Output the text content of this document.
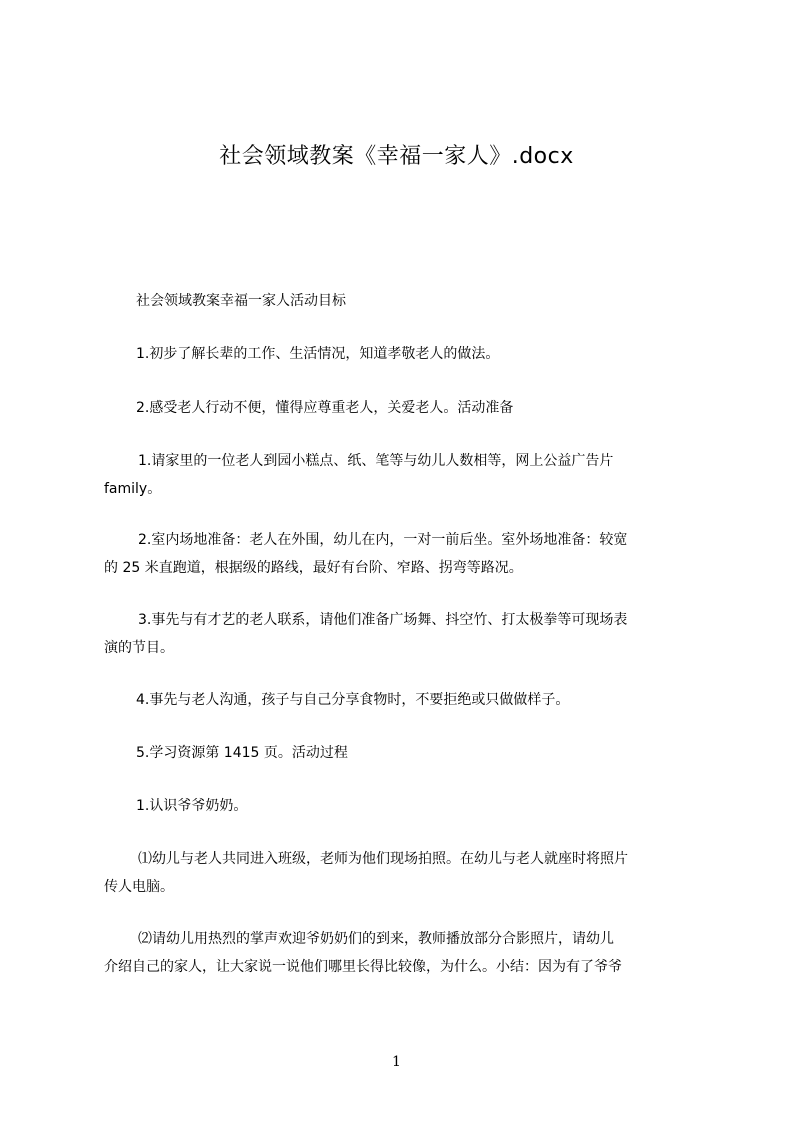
社会领域教案《幸福一家人》.docx
社会领域教案幸福一家人活动目标
1.初步了解长辈的工作、生活情况，知道孝敬老人的做法。
2.感受老人行动不便，懂得应尊重老人，关爱老人。活动准备
1.请家里的一位老人到园小糕点、纸、笔等与幼儿人数相等，网上公益广告片
family。
2.室内场地准备：老人在外围，幼儿在内，一对一前后坐。室外场地准备：较宽
的 25 米直跑道，根据级的路线，最好有台阶、窄路、拐弯等路况。
3.事先与有才艺的老人联系，请他们准备广场舞、抖空竹、打太极拳等可现场表
演的节目。
4.事先与老人沟通，孩子与自己分享食物时，不要拒绝或只做做样子。
5.学习资源第 1415 页。活动过程
1.认识爷爷奶奶。
⑴幼儿与老人共同进入班级，老师为他们现场拍照。在幼儿与老人就座时将照片
传人电脑。
⑵请幼儿用热烈的掌声欢迎爷奶奶们的到来，教师播放部分合影照片，请幼儿
介绍自己的家人，让大家说一说他们哪里长得比较像，为什么。小结：因为有了爷爷
1
